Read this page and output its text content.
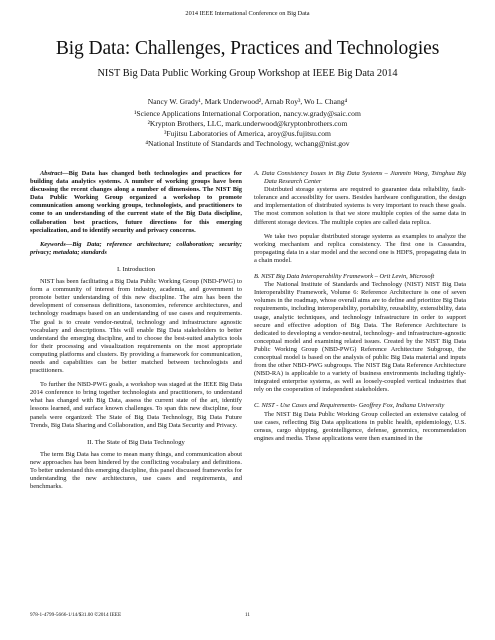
2014 IEEE International Conference on Big Data
Big Data: Challenges, Practices and Technologies
NIST Big Data Public Working Group Workshop at IEEE Big Data 2014
Nancy W. Grady¹, Mark Underwood², Arnab Roy³, Wo L. Chang⁴
¹Science Applications International Corporation, nancy.w.grady@saic.com
²Krypton Brothers, LLC, mark.underwood@kryptonbrothers.com
³Fujitsu Laboratories of America, aroy@us.fujitsu.com
⁴National Institute of Standards and Technology, wchang@nist.gov

Abstract—Big Data has changed both technologies and practices for building data analytics systems. A number of working groups have been discussing the recent changes along a number of dimensions. The NIST Big Data Public Working Group organized a workshop to promote communication among working groups, technologists, and practitioners to come to an understanding of the current state of the Big Data discipline, collaboration best practices, future directions for this emerging specialization, and to identify security and privacy concerns.

Keywords—Big Data; reference architecture; collaboration; security; privacy; metadata; standards

I. Introduction

NIST has been facilitating a Big Data Public Working Group (NBD-PWG) to form a community of interest from industry, academia, and government to promote better understanding of this new discipline. The aim has been the development of consensus definitions, taxonomies, reference architectures, and technology roadmaps based on an understanding of use cases and requirements. The goal is to create vendor-neutral, technology and infrastructure agnostic vocabulary and descriptions. This will enable Big Data stakeholders to better understand the emerging discipline, and to choose the best-suited analytics tools for their processing and visualization requirements on the most appropriate computing platforms and clusters. By providing a framework for communication, needs and capabilities can be better matched between technologists and practitioners.

To further the NBD-PWG goals, a workshop was staged at the IEEE Big Data 2014 conference to bring together technologists and practitioners, to understand what has changed with Big Data, assess the current state of the art, identify lessons learned, and surface known challenges. To span this new discipline, four panels were organized: The State of Big Data Technology, Big Data Future Trends, Big Data Sharing and Collaboration, and Big Data Security and Privacy.

II. The State of Big Data Technology

The term Big Data has come to mean many things, and communication about new approaches has been hindered by the conflicting vocabulary and definitions. To better understand this emerging discipline, this panel discussed frameworks for understanding the new architectures, use cases and requirements, and benchmarks.

A. Data Consistency Issues in Big Data Systems – Jianmin Wang, Tsinghua Big Data Research Center

Distributed storage systems are required to guarantee data reliability, fault-tolerance and accessibility for users. Besides hardware configuration, the design and implementation of distributed systems is very important to reach these goals. The most common solution is that we store multiple copies of the same data in different storage devices. The multiple copies are called data replica.

We take two popular distributed storage systems as examples to analyze the working mechanism and replica consistency. The first one is Cassandra, propagating data in a star model and the second one is HDFS, propagating data in a chain model.

B. NIST Big Data Interoperability Framework – Orit Levin, Microsoft

The National Institute of Standards and Technology (NIST) NIST Big Data Interoperability Framework, Volume 6: Reference Architecture is one of seven volumes in the roadmap, whose overall aims are to define and prioritize Big Data requirements, including interoperability, portability, reusability, extensibility, data usage, analytic techniques, and technology infrastructure in order to support secure and effective adoption of Big Data. The Reference Architecture is dedicated to developing a vendor-neutral, technology- and infrastructure-agnostic conceptual model and examining related issues. Created by the NIST Big Data Public Working Group (NBD-PWG) Reference Architecture Subgroup, the conceptual model is based on the analysis of public Big Data material and inputs from the other NBD-PWG subgroups. The NIST Big Data Reference Architecture (NBD-RA) is applicable to a variety of business environments including tightly-integrated enterprise systems, as well as loosely-coupled vertical industries that rely on the cooperation of independent stakeholders.

C. NIST - Use Cases and Requirements- Geoffrey Fox, Indiana University

The NIST Big Data Public Working Group collected an extensive catalog of use cases, reflecting Big Data applications in public health, epidemiology, U.S. census, cargo shipping, geointelligence, defense, genomics, recommendation engines and media. These applications were then examined in the

978-1-4799-5666-1/14/$31.00 ©2014 IEEE	11
